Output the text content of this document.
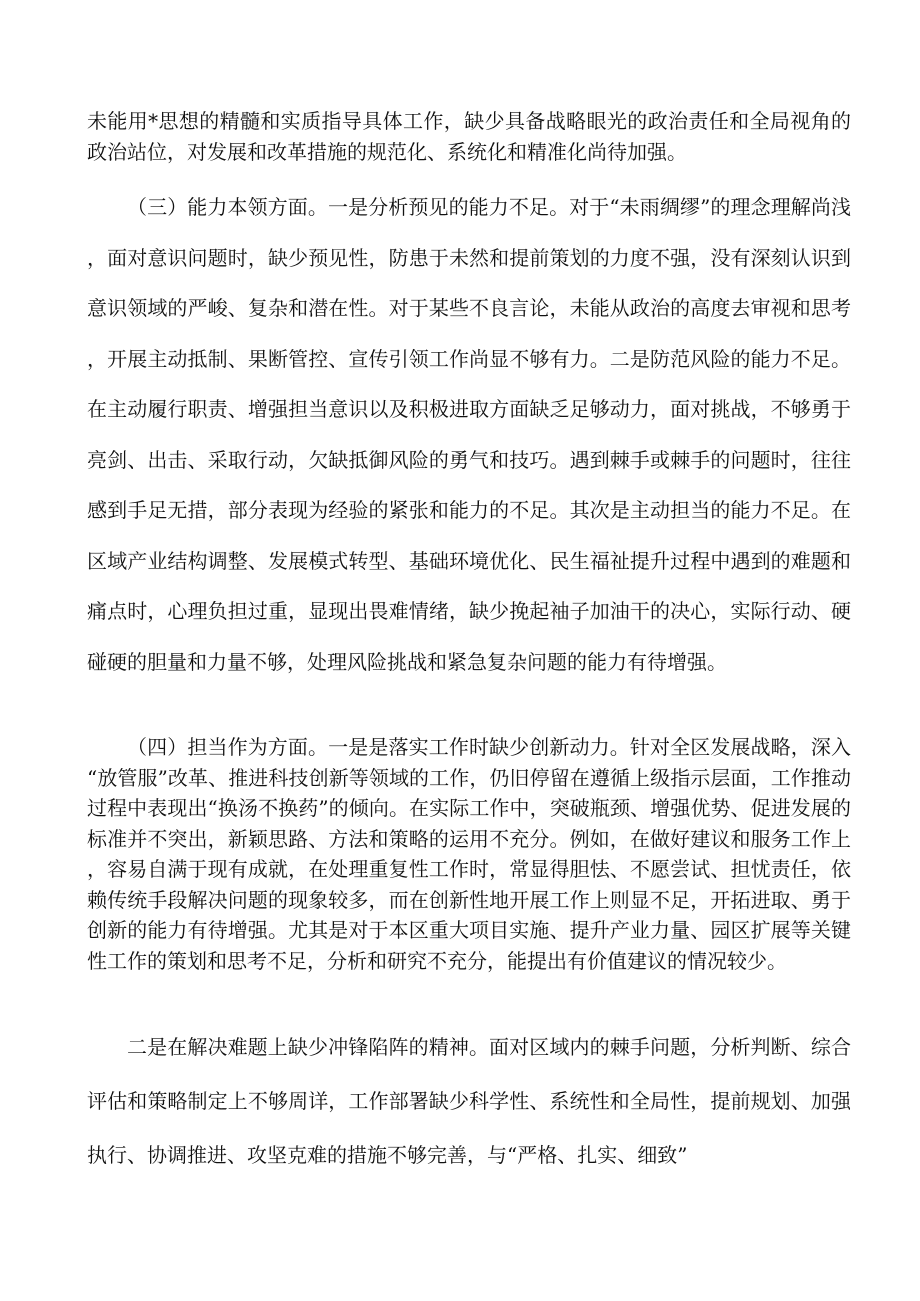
未能用*思想的精髓和实质指导具体工作，缺少具备战略眼光的政治责任和全局视角的政治站位，对发展和改革措施的规范化、系统化和精准化尚待加强。

（三）能力本领方面。一是分析预见的能力不足。对于“未雨绸缪”的理念理解尚浅，面对意识问题时，缺少预见性，防患于未然和提前策划的力度不强，没有深刻认识到意识领域的严峻、复杂和潜在性。对于某些不良言论，未能从政治的高度去审视和思考，开展主动抵制、果断管控、宣传引领工作尚显不够有力。二是防范风险的能力不足。在主动履行职责、增强担当意识以及积极进取方面缺乏足够动力，面对挑战，不够勇于亮剑、出击、采取行动，欠缺抵御风险的勇气和技巧。遇到棘手或棘手的问题时，往往感到手足无措，部分表现为经验的紧张和能力的不足。其次是主动担当的能力不足。在区域产业结构调整、发展模式转型、基础环境优化、民生福祉提升过程中遇到的难题和痛点时，心理负担过重，显现出畏难情绪，缺少挽起袖子加油干的决心，实际行动、硬碰硬的胆量和力量不够，处理风险挑战和紧急复杂问题的能力有待增强。

（四）担当作为方面。一是是落实工作时缺少创新动力。针对全区发展战略，深入“放管服”改革、推进科技创新等领域的工作，仍旧停留在遵循上级指示层面，工作推动过程中表现出“换汤不换药”的倾向。在实际工作中，突破瓶颈、增强优势、促进发展的标准并不突出，新颖思路、方法和策略的运用不充分。例如，在做好建议和服务工作上，容易自满于现有成就，在处理重复性工作时，常显得胆怯、不愿尝试、担忧责任，依赖传统手段解决问题的现象较多，而在创新性地开展工作上则显不足，开拓进取、勇于创新的能力有待增强。尤其是对于本区重大项目实施、提升产业力量、园区扩展等关键性工作的策划和思考不足，分析和研究不充分，能提出有价值建议的情况较少。

二是在解决难题上缺少冲锋陷阵的精神。面对区域内的棘手问题，分析判断、综合评估和策略制定上不够周详，工作部署缺少科学性、系统性和全局性，提前规划、加强执行、协调推进、攻坚克难的措施不够完善，与“严格、扎实、细致”
